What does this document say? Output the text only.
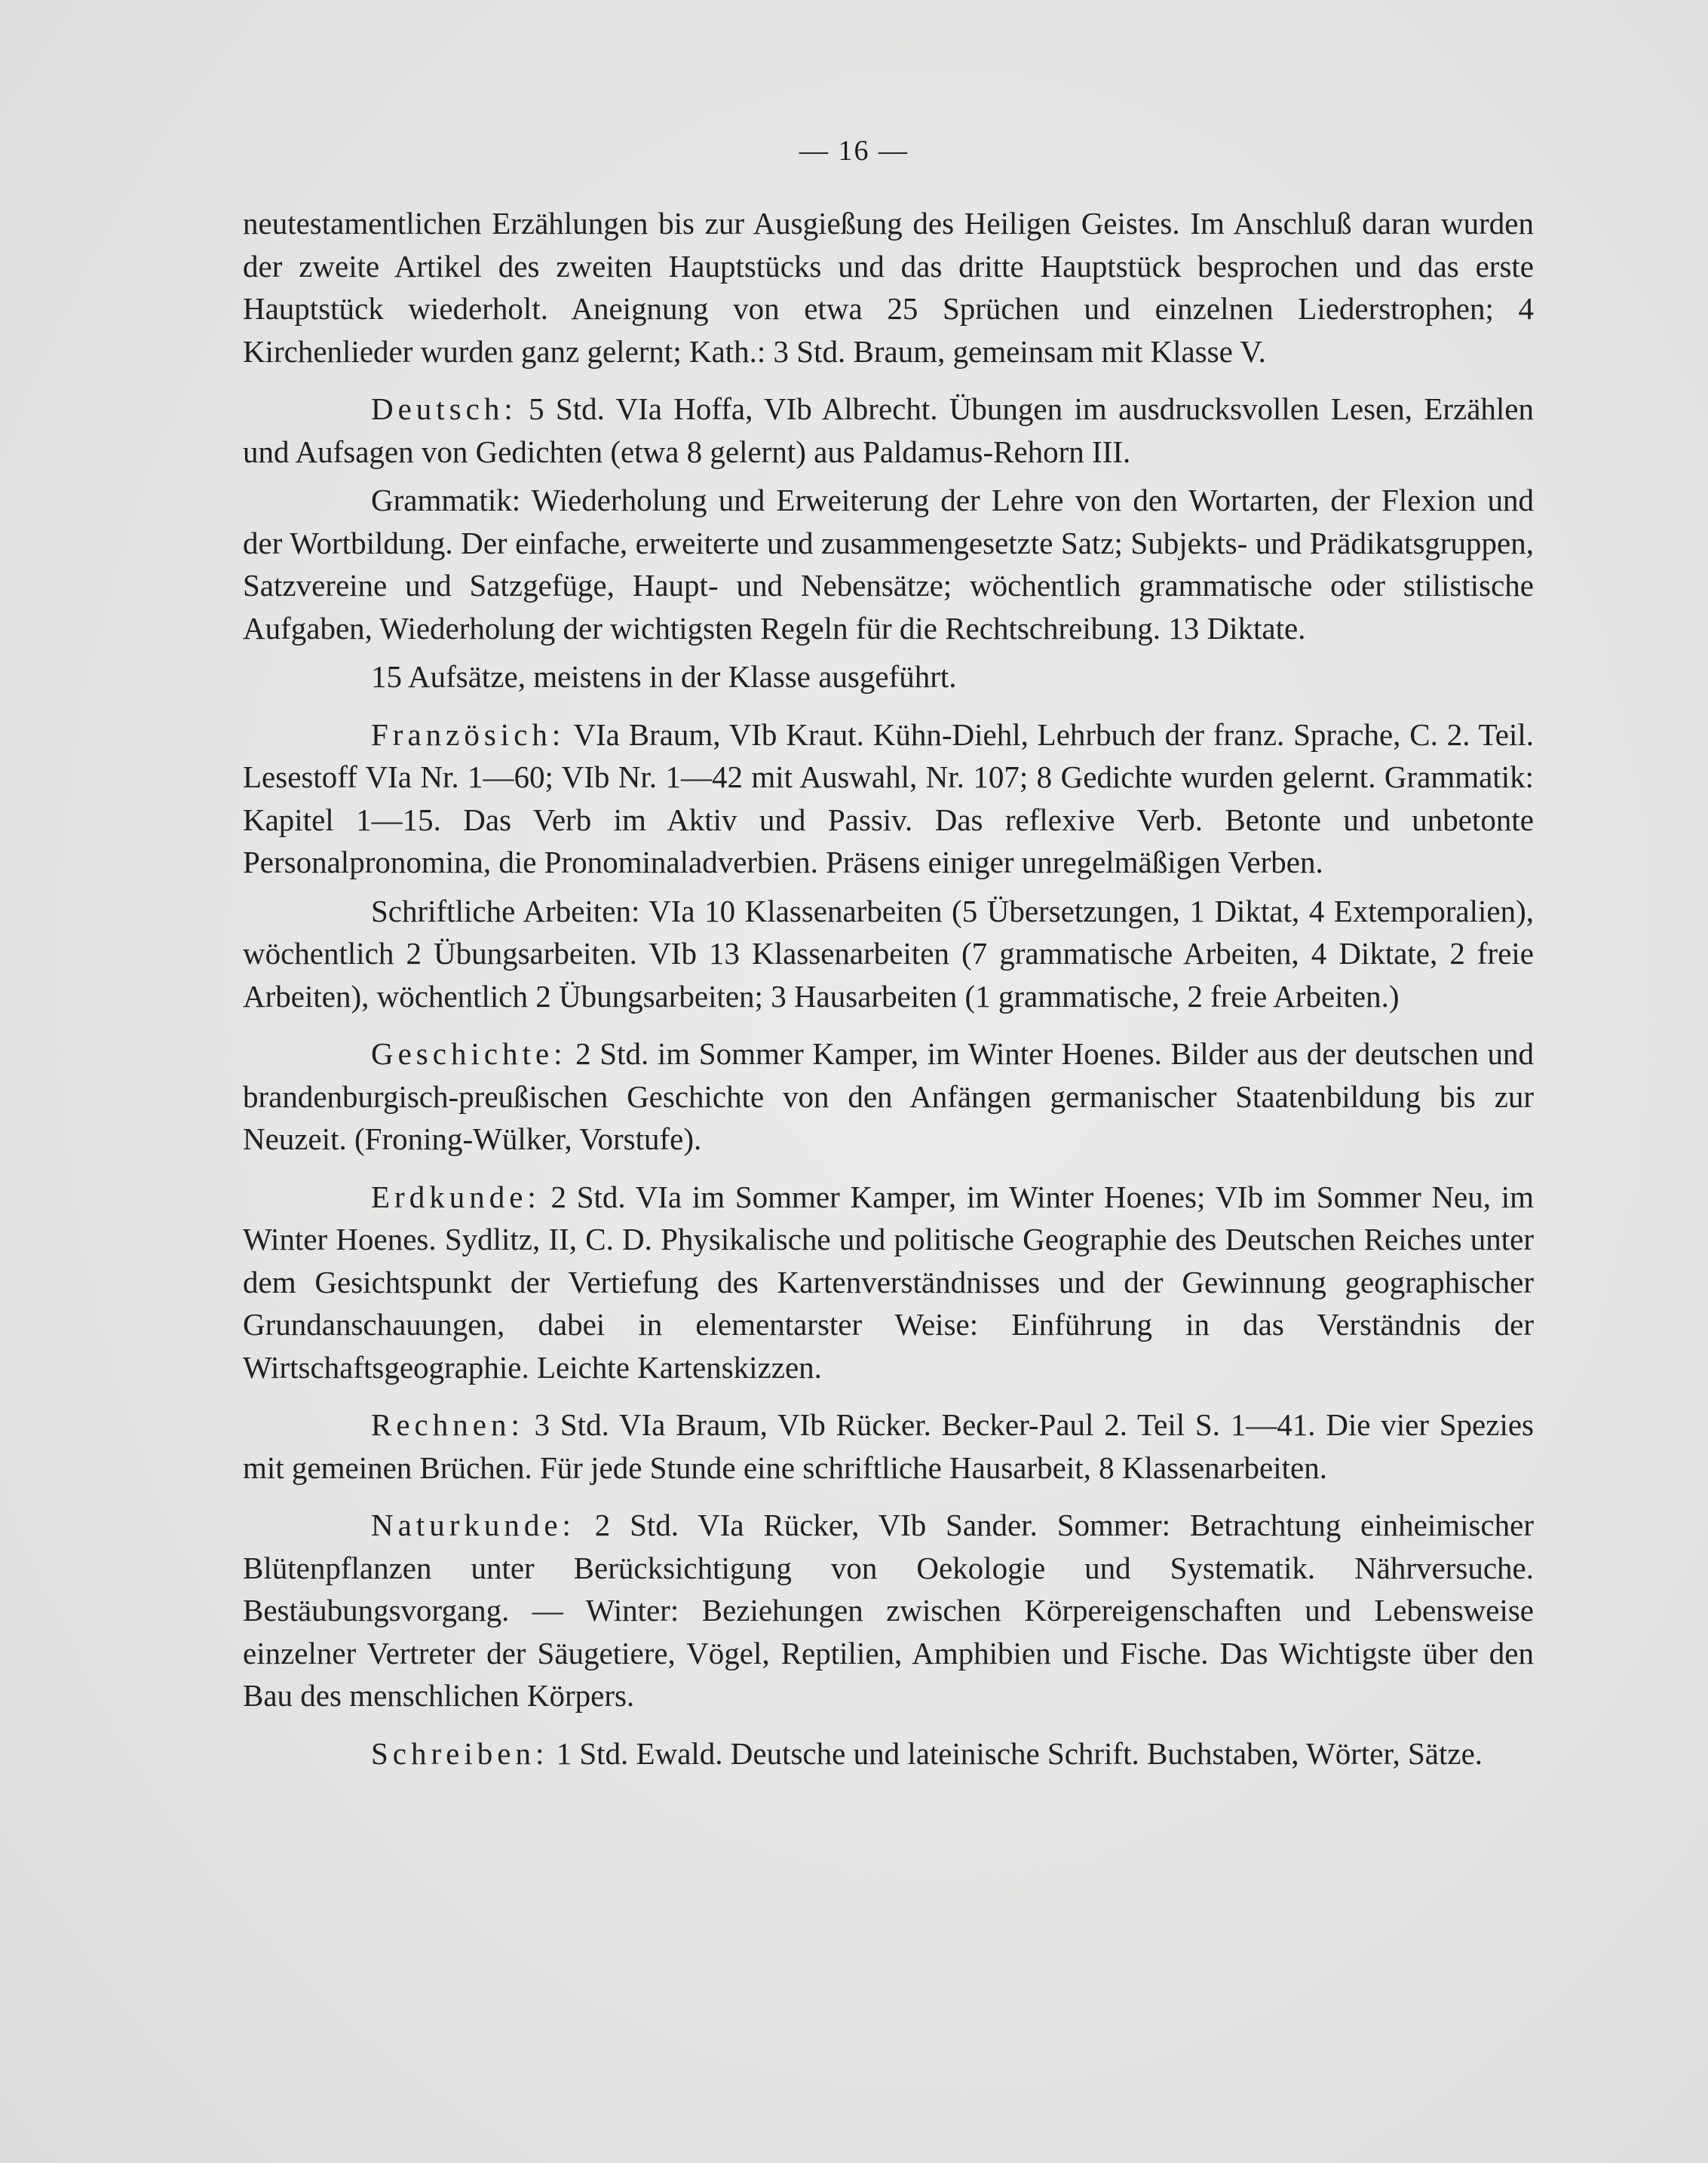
— 16 —

neutestamentlichen Erzählungen bis zur Ausgießung des Heiligen Geistes. Im Anschluß daran wurden der zweite Artikel des zweiten Hauptstücks und das dritte Hauptstück besprochen und das erste Hauptstück wiederholt. Aneignung von etwa 25 Sprüchen und einzelnen Liederstrophen; 4 Kirchenlieder wurden ganz gelernt; Kath.: 3 Std. Braum, gemeinsam mit Klasse V.

Deutsch: 5 Std. VIa Hoffa, VIb Albrecht. Übungen im ausdrucksvollen Lesen, Erzählen und Aufsagen von Gedichten (etwa 8 gelernt) aus Paldamus-Rehorn III.

Grammatik: Wiederholung und Erweiterung der Lehre von den Wortarten, der Flexion und der Wortbildung. Der einfache, erweiterte und zusammengesetzte Satz; Subjekts- und Prädikatsgruppen, Satzvereine und Satzgefüge, Haupt- und Nebensätze; wöchentlich grammatische oder stilistische Aufgaben, Wiederholung der wichtigsten Regeln für die Rechtschreibung. 13 Diktate.

15 Aufsätze, meistens in der Klasse ausgeführt.

Französich: VIa Braum, VIb Kraut. Kühn-Diehl, Lehrbuch der franz. Sprache, C. 2. Teil. Lesestoff VIa Nr. 1—60; VIb Nr. 1—42 mit Auswahl, Nr. 107; 8 Gedichte wurden gelernt. Grammatik: Kapitel 1—15. Das Verb im Aktiv und Passiv. Das reflexive Verb. Betonte und unbetonte Personalpronomina, die Pronominaladverbien. Präsens einiger unregelmäßigen Verben.

Schriftliche Arbeiten: VIa 10 Klassenarbeiten (5 Übersetzungen, 1 Diktat, 4 Extemporalien), wöchentlich 2 Übungsarbeiten. VIb 13 Klassenarbeiten (7 grammatische Arbeiten, 4 Diktate, 2 freie Arbeiten), wöchentlich 2 Übungsarbeiten; 3 Hausarbeiten (1 grammatische, 2 freie Arbeiten.)

Geschichte: 2 Std. im Sommer Kamper, im Winter Hoenes. Bilder aus der deutschen und brandenburgisch-preußischen Geschichte von den Anfängen germanischer Staatenbildung bis zur Neuzeit. (Froning-Wülker, Vorstufe).

Erdkunde: 2 Std. VIa im Sommer Kamper, im Winter Hoenes; VIb im Sommer Neu, im Winter Hoenes. Sydlitz, II, C. D. Physikalische und politische Geographie des Deutschen Reiches unter dem Gesichtspunkt der Vertiefung des Kartenverständnisses und der Gewinnung geographischer Grundanschauungen, dabei in elementarster Weise: Einführung in das Verständnis der Wirtschaftsgeographie. Leichte Kartenskizzen.

Rechnen: 3 Std. VIa Braum, VIb Rücker. Becker-Paul 2. Teil S. 1—41. Die vier Spezies mit gemeinen Brüchen. Für jede Stunde eine schriftliche Hausarbeit, 8 Klassenarbeiten.

Naturkunde: 2 Std. VIa Rücker, VIb Sander. Sommer: Betrachtung einheimischer Blütenpflanzen unter Berücksichtigung von Oekologie und Systematik. Nährversuche. Bestäubungsvorgang. — Winter: Beziehungen zwischen Körpereigenschaften und Lebensweise einzelner Vertreter der Säugetiere, Vögel, Reptilien, Amphibien und Fische. Das Wichtigste über den Bau des menschlichen Körpers.

Schreiben: 1 Std. Ewald. Deutsche und lateinische Schrift. Buchstaben, Wörter, Sätze.
